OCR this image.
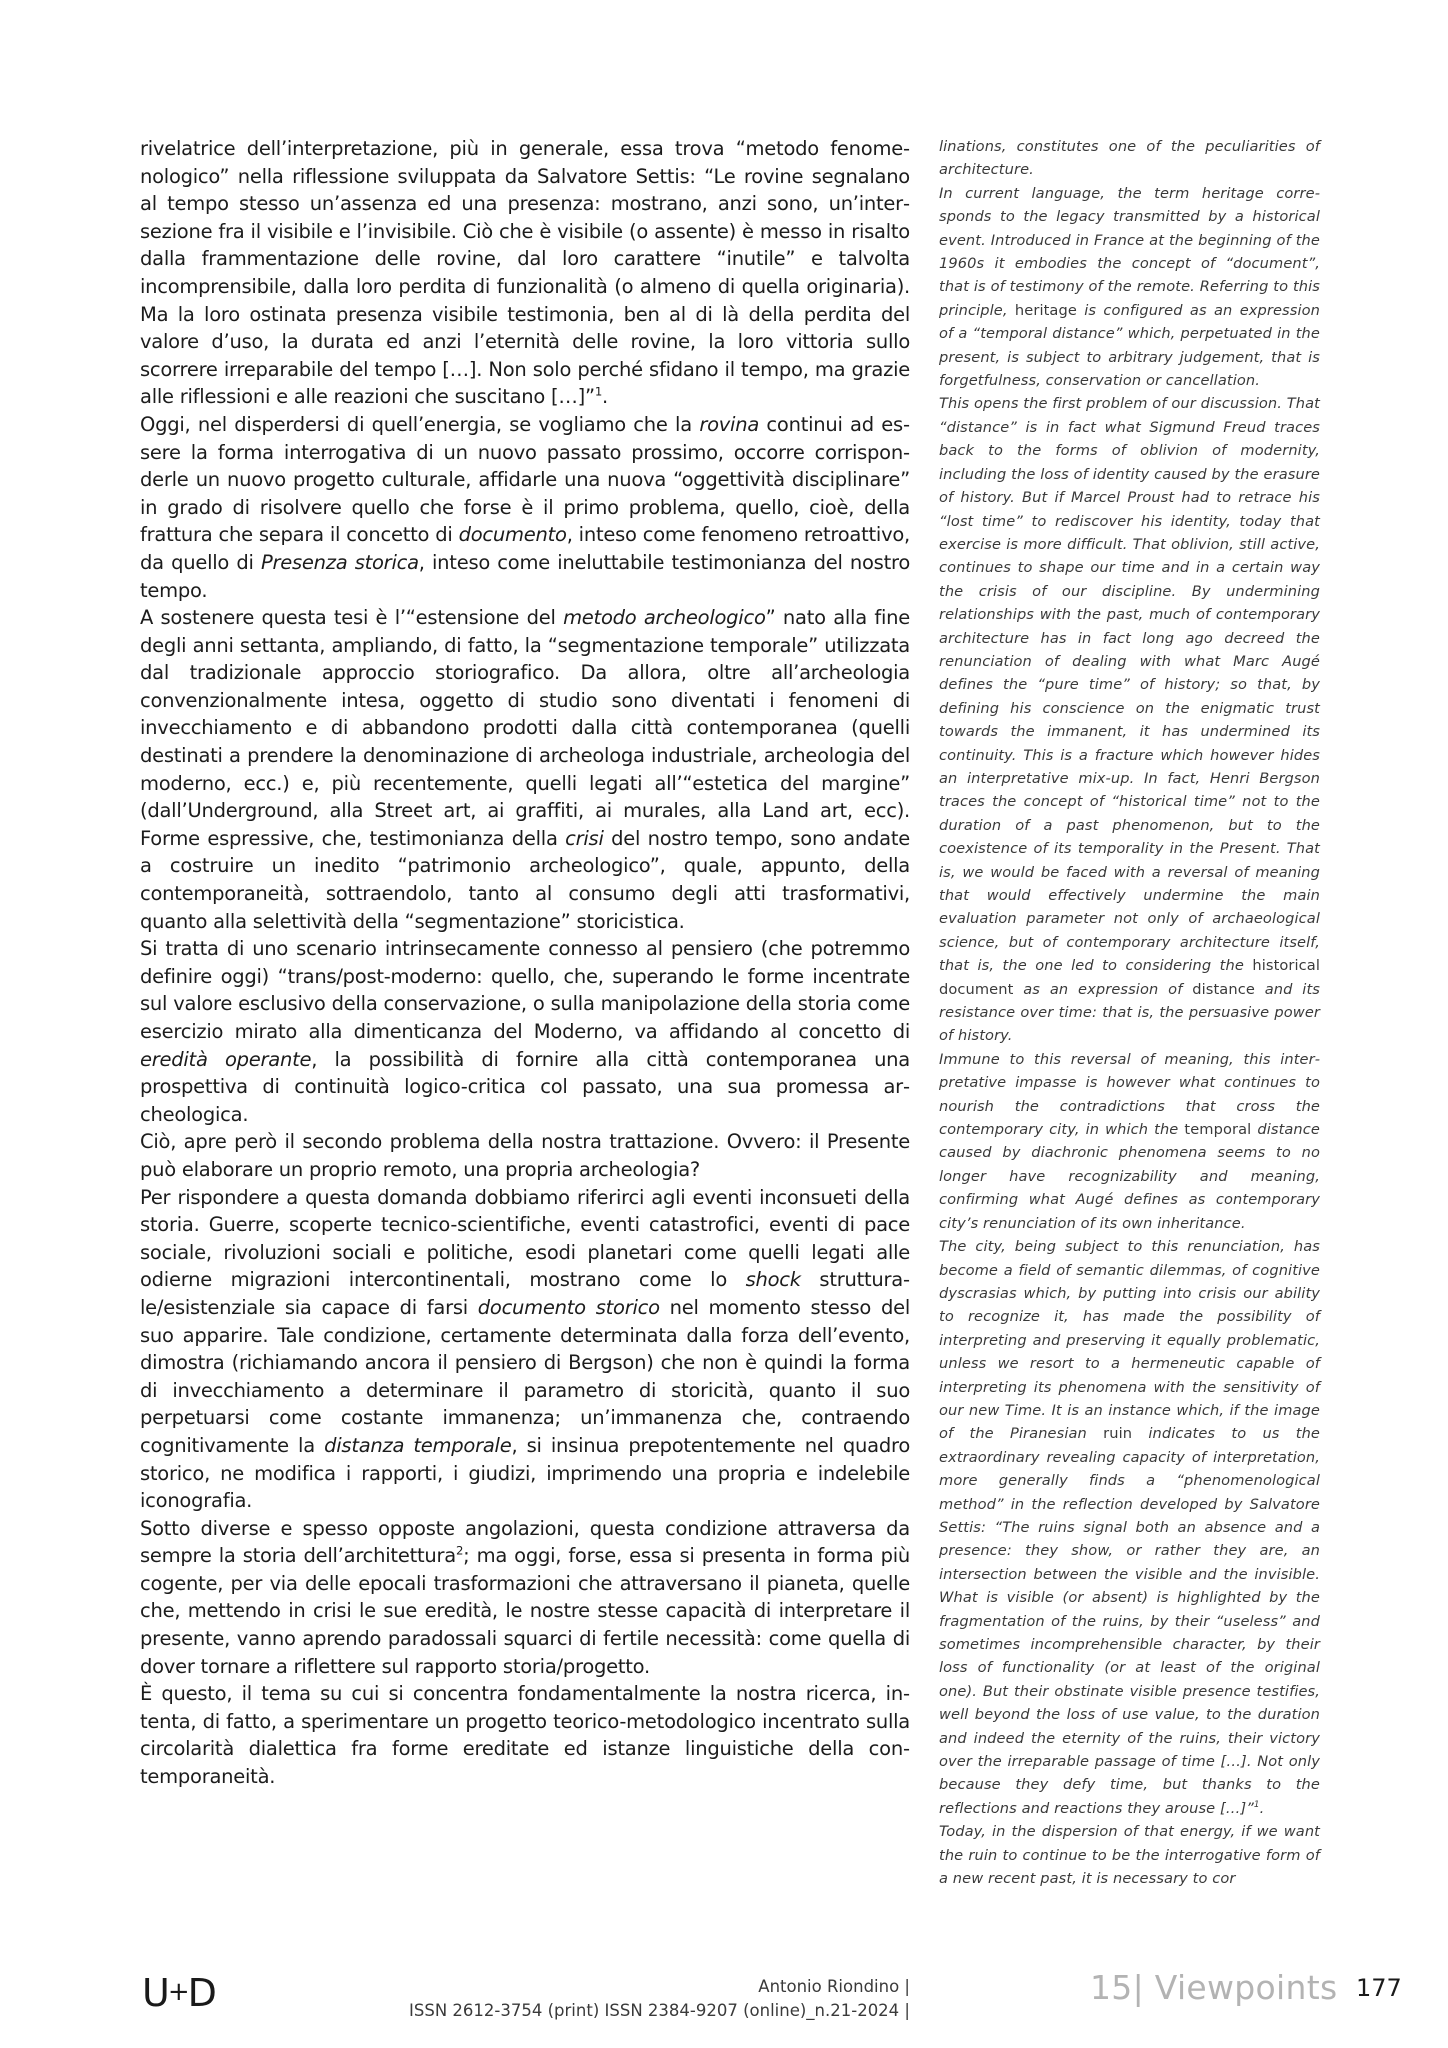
rivelatrice dell’interpretazione, più in generale, essa trova “metodo fenomenologico” nella riflessione sviluppata da Salvatore Settis: “Le rovine segnalano al tempo stesso un’assenza ed una presenza: mostrano, anzi sono, un’intersezione fra il visibile e l’invisibile. Ciò che è visibile (o assente) è messo in risalto dalla frammentazione delle rovine, dal loro carattere “inutile” e talvolta incomprensibile, dalla loro perdita di funzionalità (o almeno di quella originaria). Ma la loro ostinata presenza visibile testimonia, ben al di là della perdita del valore d’uso, la durata ed anzi l’eternità delle rovine, la loro vittoria sullo scorrere irreparabile del tempo […]. Non solo perché sfidano il tempo, ma grazie alle riflessioni e alle reazioni che suscitano […]”$^1$.

Oggi, nel disperdersi di quell’energia, se vogliamo che la rovina continui ad essere la forma interrogativa di un nuovo passato prossimo, occorre corrisponderle un nuovo progetto culturale, affidarle una nuova “oggettività disciplinare” in grado di risolvere quello che forse è il primo problema, quello, cioè, della frattura che separa il concetto di documento, inteso come fenomeno retroattivo, da quello di Presenza storica, inteso come ineluttabile testimonianza del nostro tempo.

A sostenere questa tesi è l’“estensione del metodo archeologico” nato alla fine degli anni settanta, ampliando, di fatto, la “segmentazione temporale” utilizzata dal tradizionale approccio storiografico. Da allora, oltre all’archeologia convenzionalmente intesa, oggetto di studio sono diventati i fenomeni di invecchiamento e di abbandono prodotti dalla città contemporanea (quelli destinati a prendere la denominazione di archeologa industriale, archeologia del moderno, ecc.) e, più recentemente, quelli legati all’“estetica del margine” (dall’Underground, alla Street art, ai graffiti, ai murales, alla Land art, ecc). Forme espressive, che, testimonianza della crisi del nostro tempo, sono andate a costruire un inedito “patrimonio archeologico”, quale, appunto, della contemporaneità, sottraendolo, tanto al consumo degli atti trasformativi, quanto alla selettività della “segmentazione” storicistica.

Si tratta di uno scenario intrinsecamente connesso al pensiero (che potremmo definire oggi) “trans/post-moderno: quello, che, superando le forme incentrate sul valore esclusivo della conservazione, o sulla manipolazione della storia come esercizio mirato alla dimenticanza del Moderno, va affidando al concetto di eredità operante, la possibilità di fornire alla città contemporanea una prospettiva di continuità logico-critica col passato, una sua promessa archeologica.

Ciò, apre però il secondo problema della nostra trattazione. Ovvero: il Presente può elaborare un proprio remoto, una propria archeologia?

Per rispondere a questa domanda dobbiamo riferirci agli eventi inconsueti della storia. Guerre, scoperte tecnico-scientifiche, eventi catastrofici, eventi di pace sociale, rivoluzioni sociali e politiche, esodi planetari come quelli legati alle odierne migrazioni intercontinentali, mostrano come lo shock strutturale/esistenziale sia capace di farsi documento storico nel momento stesso del suo apparire. Tale condizione, certamente determinata dalla forza dell’evento, dimostra (richiamando ancora il pensiero di Bergson) che non è quindi la forma di invecchiamento a determinare il parametro di storicità, quanto il suo perpetuarsi come costante immanenza; un’immanenza che, contraendo cognitivamente la distanza temporale, si insinua prepotentemente nel quadro storico, ne modifica i rapporti, i giudizi, imprimendo una propria e indelebile iconografia.

Sotto diverse e spesso opposte angolazioni, questa condizione attraversa da sempre la storia dell’architettura$^2$; ma oggi, forse, essa si presenta in forma più cogente, per via delle epocali trasformazioni che attraversano il pianeta, quelle che, mettendo in crisi le sue eredità, le nostre stesse capacità di interpretare il presente, vanno aprendo paradossali squarci di fertile necessità: come quella di dover tornare a riflettere sul rapporto storia/progetto.

È questo, il tema su cui si concentra fondamentalmente la nostra ricerca, intenta, di fatto, a sperimentare un progetto teorico-metodologico incentrato sulla circolarità dialettica fra forme ereditate ed istanze linguistiche della contemporaneità.

linations, constitutes one of the peculiarities of architecture.

In current language, the term heritage corresponds to the legacy transmitted by a historical event. Introduced in France at the beginning of the 1960s it embodies the concept of “document”, that is of testimony of the remote. Referring to this principle, heritage is configured as an expression of a “temporal distance” which, perpetuated in the present, is subject to arbitrary judgement, that is forgetfulness, conservation or cancellation.

This opens the first problem of our discussion. That “distance” is in fact what Sigmund Freud traces back to the forms of oblivion of modernity, including the loss of identity caused by the erasure of history. But if Marcel Proust had to retrace his “lost time” to rediscover his identity, today that exercise is more difficult. That oblivion, still active, continues to shape our time and in a certain way the crisis of our discipline. By undermining relationships with the past, much of contemporary architecture has in fact long ago decreed the renunciation of dealing with what Marc Augé defines the “pure time” of history; so that, by defining his conscience on the enigmatic trust towards the immanent, it has undermined its continuity. This is a fracture which however hides an interpretative mix-up. In fact, Henri Bergson traces the concept of “historical time” not to the duration of a past phenomenon, but to the coexistence of its temporality in the Present. That is, we would be faced with a reversal of meaning that would effectively undermine the main evaluation parameter not only of archaeological science, but of contemporary architecture itself, that is, the one led to considering the historical document as an expression of distance and its resistance over time: that is, the persuasive power of history.

Immune to this reversal of meaning, this interpretative impasse is however what continues to nourish the contradictions that cross the contemporary city, in which the temporal distance caused by diachronic phenomena seems to no longer have recognizability and meaning, confirming what Augé defines as contemporary city’s renunciation of its own inheritance.

The city, being subject to this renunciation, has become a field of semantic dilemmas, of cognitive dyscrasias which, by putting into crisis our ability to recognize it, has made the possibility of interpreting and preserving it equally problematic, unless we resort to a hermeneutic capable of interpreting its phenomena with the sensitivity of our new Time. It is an instance which, if the image of the Piranesian ruin indicates to us the extraordinary revealing capacity of interpretation, more generally finds a “phenomenological method” in the reflection developed by Salvatore Settis: “The ruins signal both an absence and a presence: they show, or rather they are, an intersection between the visible and the invisible. What is visible (or absent) is highlighted by the fragmentation of the ruins, by their “useless” and sometimes incomprehensible character, by their loss of functionality (or at least of the original one). But their obstinate visible presence testifies, well beyond the loss of use value, to the duration and indeed the eternity of the ruins, their victory over the irreparable passage of time […]. Not only because they defy time, but thanks to the reflections and reactions they arouse […]”$^1$.

Today, in the dispersion of that energy, if we want the ruin to continue to be the interrogative form of a new recent past, it is necessary to cor

U+D	Antonio Riondino |
ISSN 2612-3754 (print) ISSN 2384-9207 (online)_n.21-2024 |
15| Viewpoints 177
